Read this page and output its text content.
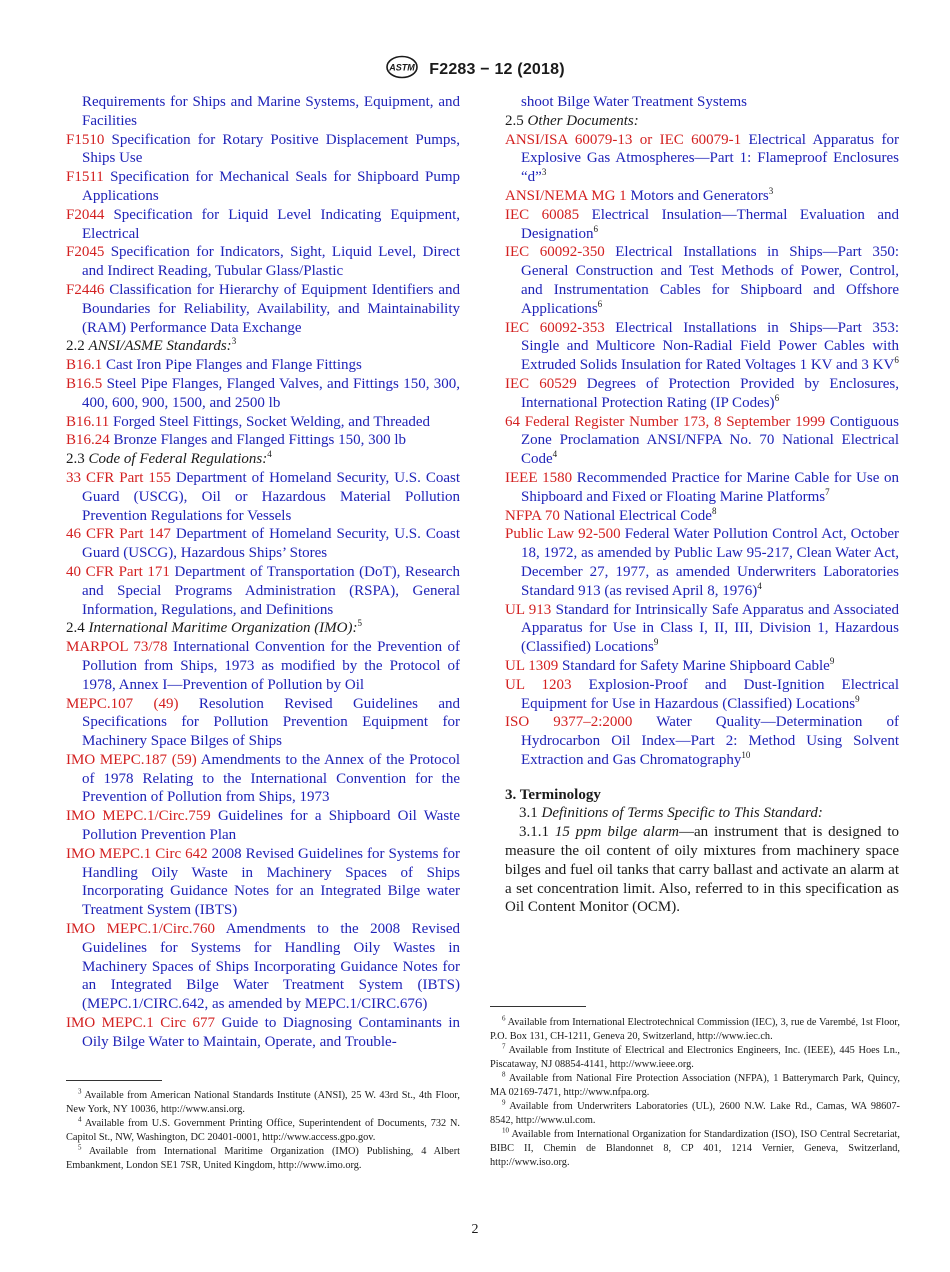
ASTM F2283 − 12 (2018)
Requirements for Ships and Marine Systems, Equipment, and Facilities
F1510 Specification for Rotary Positive Displacement Pumps, Ships Use
F1511 Specification for Mechanical Seals for Shipboard Pump Applications
F2044 Specification for Liquid Level Indicating Equipment, Electrical
F2045 Specification for Indicators, Sight, Liquid Level, Direct and Indirect Reading, Tubular Glass/Plastic
F2446 Classification for Hierarchy of Equipment Identifiers and Boundaries for Reliability, Availability, and Maintainability (RAM) Performance Data Exchange
2.2 ANSI/ASME Standards:$^3$
B16.1 Cast Iron Pipe Flanges and Flange Fittings
B16.5 Steel Pipe Flanges, Flanged Valves, and Fittings 150, 300, 400, 600, 900, 1500, and 2500 lb
B16.11 Forged Steel Fittings, Socket Welding, and Threaded
B16.24 Bronze Flanges and Flanged Fittings 150, 300 lb
2.3 Code of Federal Regulations:$^4$
33 CFR Part 155 Department of Homeland Security, U.S. Coast Guard (USCG), Oil or Hazardous Material Pollution Prevention Regulations for Vessels
46 CFR Part 147 Department of Homeland Security, U.S. Coast Guard (USCG), Hazardous Ships’ Stores
40 CFR Part 171 Department of Transportation (DoT), Research and Special Programs Administration (RSPA), General Information, Regulations, and Definitions
2.4 International Maritime Organization (IMO):$^5$
MARPOL 73/78 International Convention for the Prevention of Pollution from Ships, 1973 as modified by the Protocol of 1978, Annex I—Prevention of Pollution by Oil
MEPC.107 (49) Resolution Revised Guidelines and Specifications for Pollution Prevention Equipment for Machinery Space Bilges of Ships
IMO MEPC.187 (59) Amendments to the Annex of the Protocol of 1978 Relating to the International Convention for the Prevention of Pollution from Ships, 1973
IMO MEPC.1/Circ.759 Guidelines for a Shipboard Oil Waste Pollution Prevention Plan
IMO MEPC.1 Circ 642 2008 Revised Guidelines for Systems for Handling Oily Waste in Machinery Spaces of Ships Incorporating Guidance Notes for an Integrated Bilge water Treatment System (IBTS)
IMO MEPC.1/Circ.760 Amendments to the 2008 Revised Guidelines for Systems for Handling Oily Wastes in Machinery Spaces of Ships Incorporating Guidance Notes for an Integrated Bilge Water Treatment System (IBTS) (MEPC.1/CIRC.642, as amended by MEPC.1/CIRC.676)
IMO MEPC.1 Circ 677 Guide to Diagnosing Contaminants in Oily Bilge Water to Maintain, Operate, and Trouble-
shoot Bilge Water Treatment Systems
2.5 Other Documents:
ANSI/ISA 60079-13 or IEC 60079-1 Electrical Apparatus for Explosive Gas Atmospheres—Part 1: Flameproof Enclosures “d”$^3$
ANSI/NEMA MG 1 Motors and Generators$^3$
IEC 60085 Electrical Insulation—Thermal Evaluation and Designation$^6$
IEC 60092-350 Electrical Installations in Ships—Part 350: General Construction and Test Methods of Power, Control, and Instrumentation Cables for Shipboard and Offshore Applications$^6$
IEC 60092-353 Electrical Installations in Ships—Part 353: Single and Multicore Non-Radial Field Power Cables with Extruded Solids Insulation for Rated Voltages 1 KV and 3 $KV^6$
IEC 60529 Degrees of Protection Provided by Enclosures, International Protection Rating (IP Codes)$^6$
64 Federal Register Number 173, 8 September 1999 Contiguous Zone Proclamation ANSI/NFPA No. 70 National Electrical Code$^4$
IEEE 1580 Recommended Practice for Marine Cable for Use on Shipboard and Fixed or Floating Marine Platforms$^7$
NFPA 70 National Electrical Code$^8$
Public Law 92-500 Federal Water Pollution Control Act, October 18, 1972, as amended by Public Law 95-217, Clean Water Act, December 27, 1977, as amended Underwriters Laboratories Standard 913 (as revised April 8, 1976)$^4$
UL 913 Standard for Intrinsically Safe Apparatus and Associated Apparatus for Use in Class I, II, III, Division 1, Hazardous (Classified) Locations$^9$
UL 1309 Standard for Safety Marine Shipboard Cable$^9$
UL 1203 Explosion-Proof and Dust-Ignition Electrical Equipment for Use in Hazardous (Classified) Locations$^9$
ISO 9377–2:2000 Water Quality—Determination of Hydrocarbon Oil Index—Part 2: Method Using Solvent Extraction and Gas Chromatography$^{10}$
3. Terminology
3.1 Definitions of Terms Specific to This Standard:
3.1.1 15 ppm bilge alarm—an instrument that is designed to measure the oil content of oily mixtures from machinery space bilges and fuel oil tanks that carry ballast and activate an alarm at a set concentration limit. Also, referred to in this specification as Oil Content Monitor (OCM).

$^3$ Available from American National Standards Institute (ANSI), 25 W. 43rd St., 4th Floor, New York, NY 10036, http://www.ansi.org.

$^4$ Available from U.S. Government Printing Office, Superintendent of Documents, 732 N. Capitol St., NW, Washington, DC 20401-0001, http://www.access.gpo.gov.

$^5$ Available from International Maritime Organization (IMO) Publishing, 4 Albert Embankment, London SE1 7SR, United Kingdom, http://www.imo.org.

$^6$ Available from International Electrotechnical Commission (IEC), 3, rue de Varembé, 1st Floor, P.O. Box 131, CH-1211, Geneva 20, Switzerland, http://www.iec.ch.

$^7$ Available from Institute of Electrical and Electronics Engineers, Inc. (IEEE), 445 Hoes Ln., Piscataway, NJ 08854-4141, http://www.ieee.org.

$^8$ Available from National Fire Protection Association (NFPA), 1 Batterymarch Park, Quincy, MA 02169-7471, http://www.nfpa.org.

$^9$ Available from Underwriters Laboratories (UL), 2600 N.W. Lake Rd., Camas, WA 98607-8542, http://www.ul.com.

$^{10}$ Available from International Organization for Standardization (ISO), ISO Central Secretariat, BIBC II, Chemin de Blandonnet 8, CP 401, 1214 Vernier, Geneva, Switzerland, http://www.iso.org.

2
